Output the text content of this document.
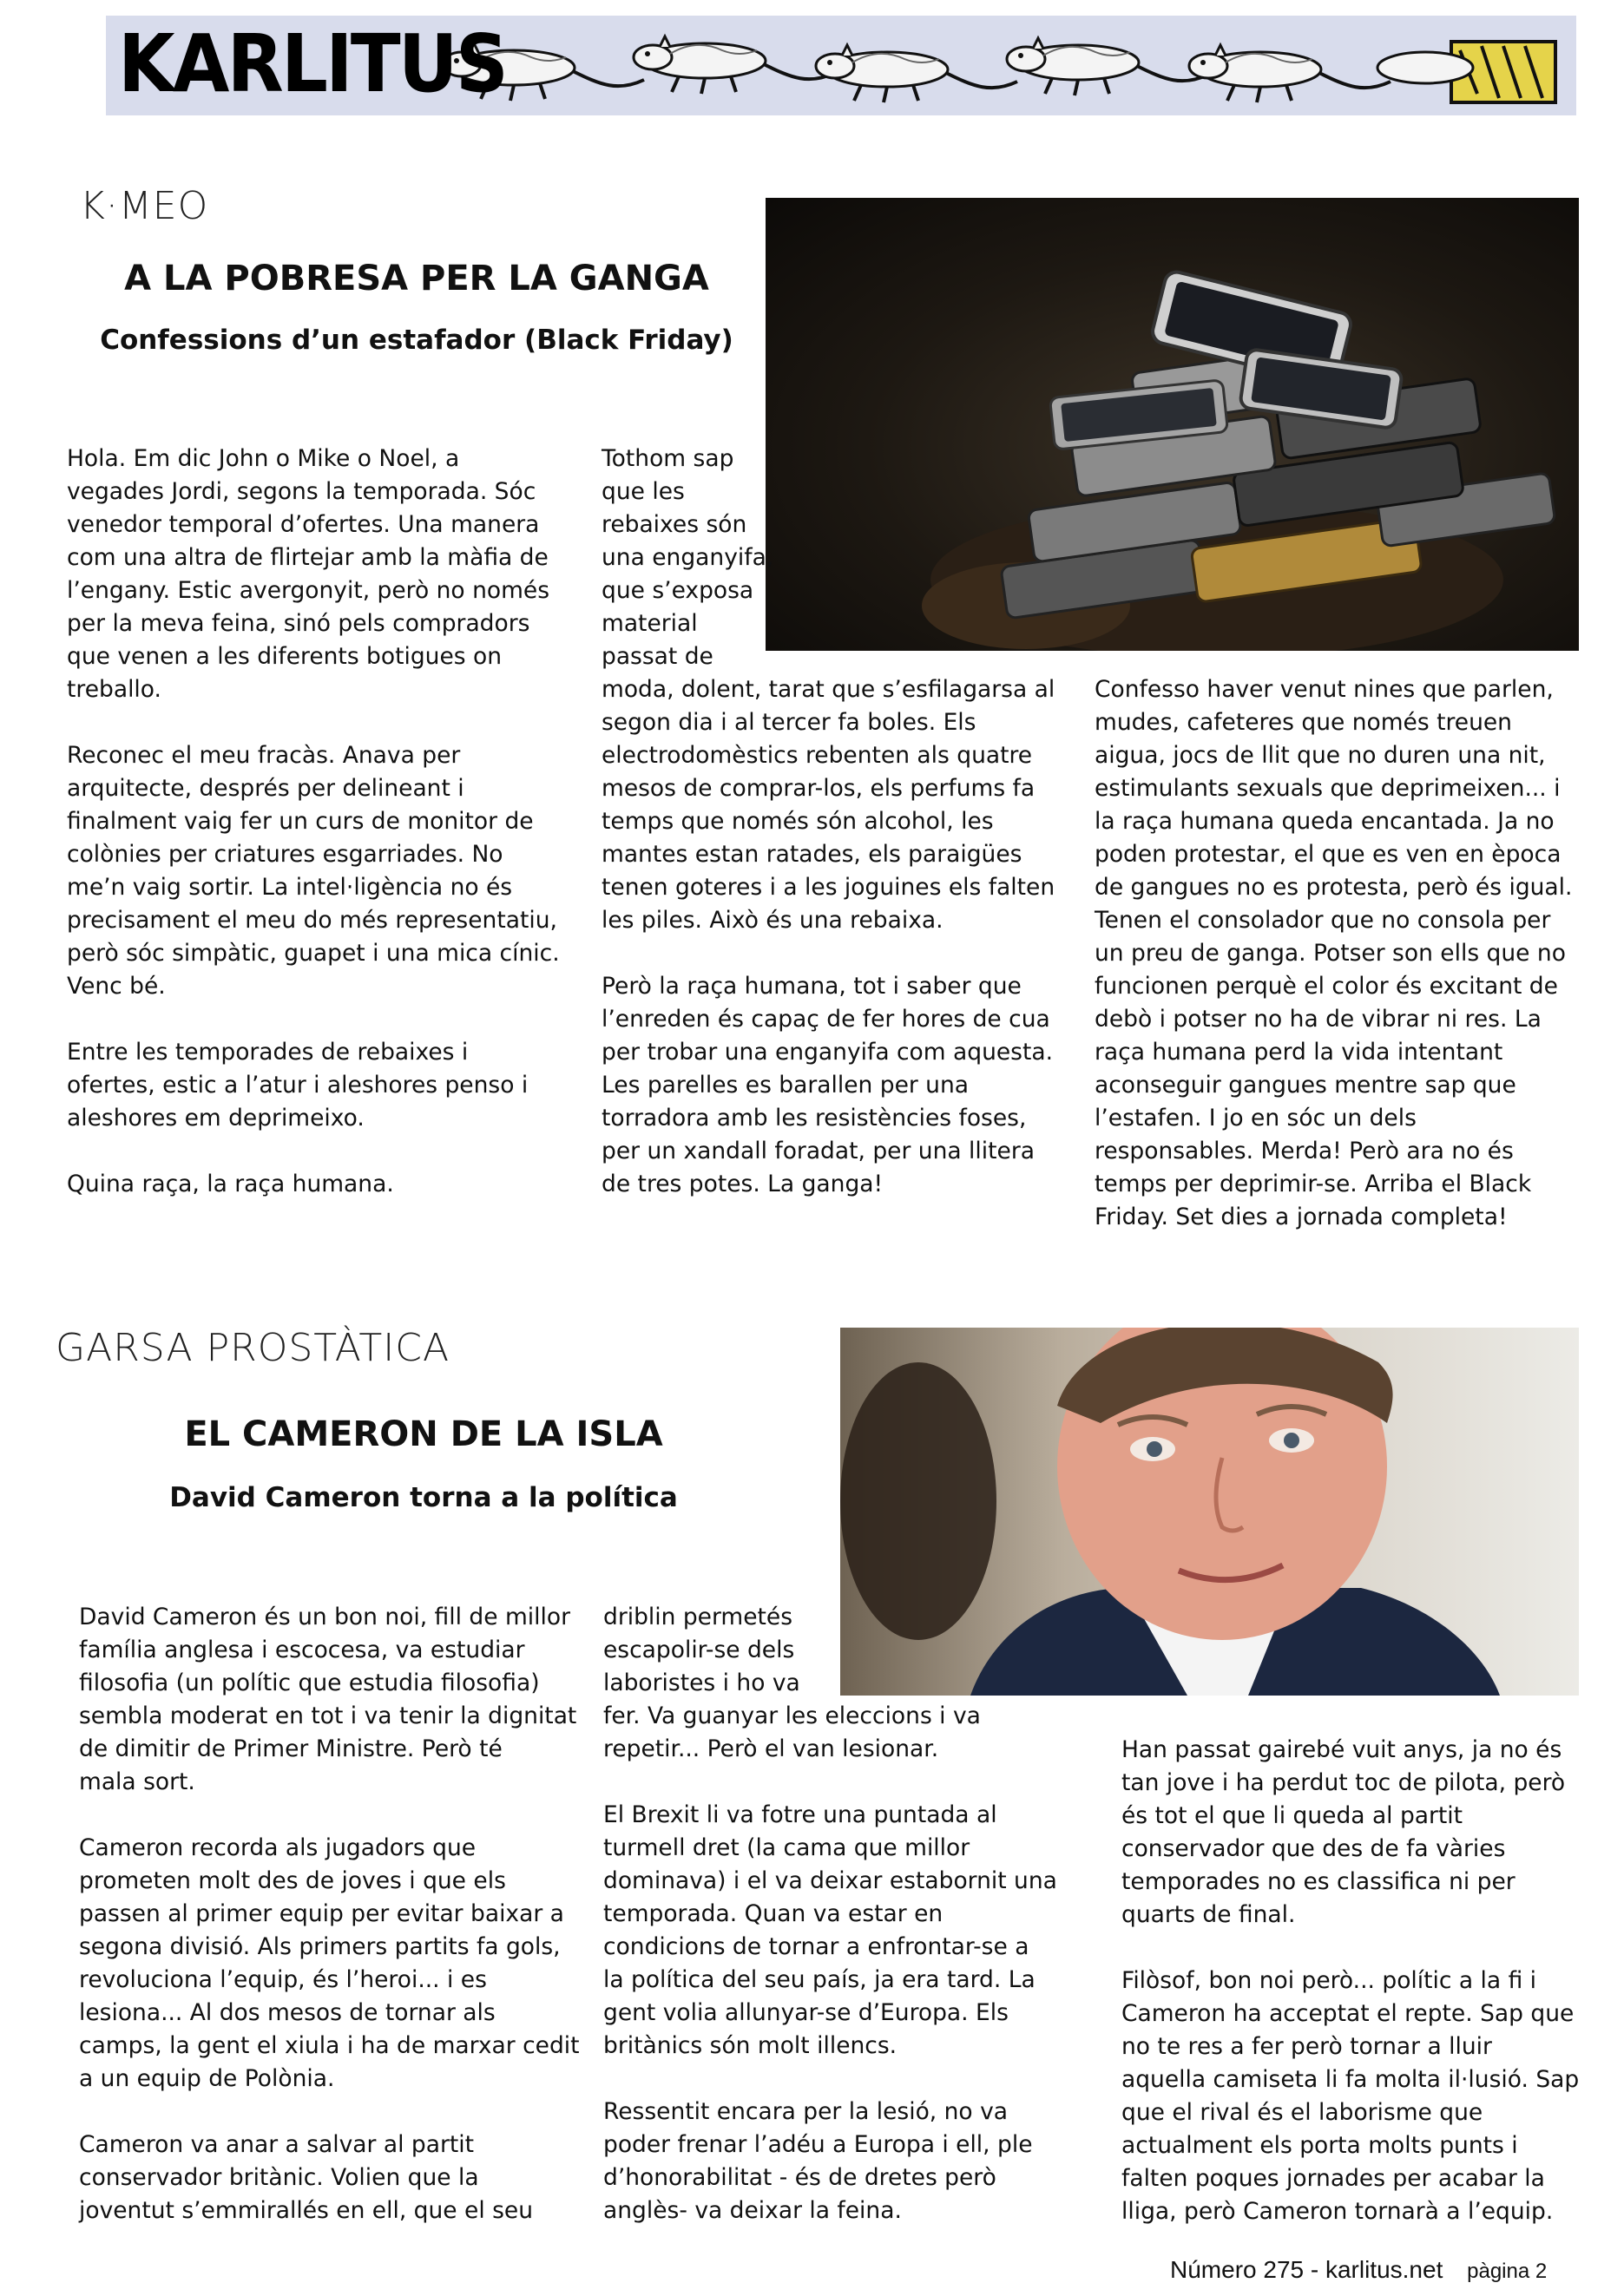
KARLITUS
K·MEO
A LA POBRESA PER LA GANGA
Confessions d’un estafador (Black Friday)

Hola. Em dic John o Mike o Noel, a
vegades Jordi, segons la temporada. Sóc
venedor temporal d’ofertes. Una manera
com una altra de flirtejar amb la màfia de
l’engany. Estic avergonyit, però no només
per la meva feina, sinó pels compradors
que venen a les diferents botigues on
treballo.

Reconec el meu fracàs. Anava per
arquitecte, després per delineant i
finalment vaig fer un curs de monitor de
colònies per criatures esgarriades. No
me’n vaig sortir. La intel·ligència no és
precisament el meu do més representatiu,
però sóc simpàtic, guapet i una mica cínic.
Venc bé.

Entre les temporades de rebaixes i
ofertes, estic a l’atur i aleshores penso i
aleshores em deprimeixo.

Quina raça, la raça humana.

Tothom sap
que les
rebaixes són
una enganyifa,
que s’exposa
material
passat de
moda, dolent, tarat que s’esfilagarsa al
segon dia i al tercer fa boles. Els
electrodomèstics rebenten als quatre
mesos de comprar-los, els perfums fa
temps que només són alcohol, les
mantes estan ratades, els paraigües
tenen goteres i a les joguines els falten
les piles. Això és una rebaixa.

Però la raça humana, tot i saber que
l’enreden és capaç de fer hores de cua
per trobar una enganyifa com aquesta.
Les parelles es barallen per una
torradora amb les resistències foses,
per un xandall foradat, per una llitera
de tres potes. La ganga!

Confesso haver venut nines que parlen,
mudes, cafeteres que només treuen
aigua, jocs de llit que no duren una nit,
estimulants sexuals que deprimeixen... i
la raça humana queda encantada. Ja no
poden protestar, el que es ven en època
de gangues no es protesta, però és igual.
Tenen el consolador que no consola per
un preu de ganga. Potser son ells que no
funcionen perquè el color és excitant de
debò i potser no ha de vibrar ni res. La
raça humana perd la vida intentant
aconseguir gangues mentre sap que
l’estafen. I jo en sóc un dels
responsables. Merda! Però ara no és
temps per deprimir-se. Arriba el Black
Friday. Set dies a jornada completa!

GARSA PROSTÀTICA
EL CAMERON DE LA ISLA
David Cameron torna a la política

David Cameron és un bon noi, fill de millor
família anglesa i escocesa, va estudiar
filosofia (un polític que estudia filosofia)
sembla moderat en tot i va tenir la dignitat
de dimitir de Primer Ministre. Però té
mala sort.

Cameron recorda als jugadors que
prometen molt des de joves i que els
passen al primer equip per evitar baixar a
segona divisió. Als primers partits fa gols,
revoluciona l’equip, és l’heroi... i es
lesiona... Al dos mesos de tornar als
camps, la gent el xiula i ha de marxar cedit
a un equip de Polònia.

Cameron va anar a salvar al partit
conservador britànic. Volien que la
joventut s’emmirallés en ell, que el seu

driblin permetés
escapolir-se dels
laboristes i ho va
fer. Va guanyar les eleccions i va
repetir... Però el van lesionar.

El Brexit li va fotre una puntada al
turmell dret (la cama que millor
dominava) i el va deixar estabornit una
temporada. Quan va estar en
condicions de tornar a enfrontar-se a
la política del seu país, ja era tard. La
gent volia allunyar-se d’Europa. Els
britànics són molt illencs.

Ressentit encara per la lesió, no va
poder frenar l’adéu a Europa i ell, ple
d’honorabilitat - és de dretes però
anglès- va deixar la feina.

Han passat gairebé vuit anys, ja no és
tan jove i ha perdut toc de pilota, però
és tot el que li queda al partit
conservador que des de fa vàries
temporades no es classifica ni per
quarts de final.

Filòsof, bon noi però... polític a la fi i
Cameron ha acceptat el repte. Sap que
no te res a fer però tornar a lluir
aquella camiseta li fa molta il·lusió. Sap
que el rival és el laborisme que
actualment els porta molts punts i
falten poques jornades per acabar la
lliga, però Cameron tornarà a l’equip.

Número 275 - karlitus.net pàgina 2
